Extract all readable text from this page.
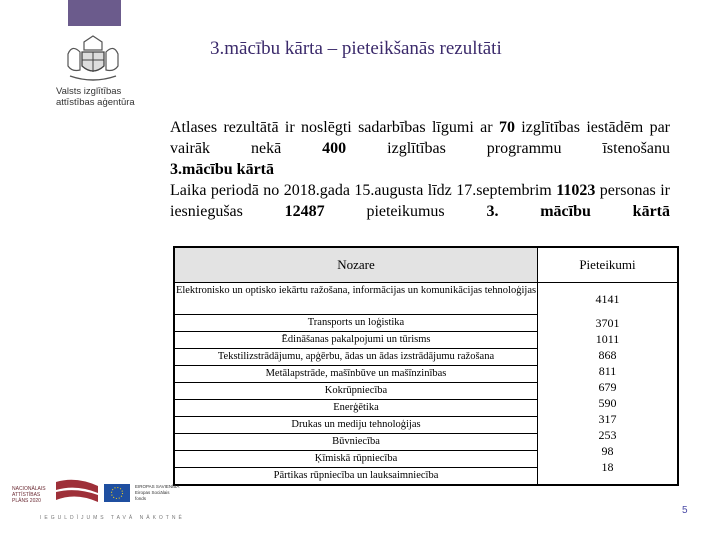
Valsts izglītības
attīstības aģentūra
3.mācību kārta – pieteikšanās rezultāti

Atlases rezultātā ir noslēgti sadarbības līgumi ar 70 izglītības iestādēm par vairāk nekā 400 izglītības programmu īstenošanu

3.mācību kārtā

Laika periodā no 2018.gada 15.augusta līdz 17.septembrim 11023 personas ir iesniegušas 12487 pieteikumus 3. mācību kārtā

Nozare	Pieteikumi
Elektronisko un optisko iekārtu ražošana, informācijas un komunikācijas tehnoloģijas
Transports un loģistika
Ēdināšanas pakalpojumi un tūrisms
Tekstilizstrādājumu, apģērbu, ādas un ādas izstrādājumu ražošana
Metālapstrāde, mašīnbūve un mašīnzinības
Kokrūpniecība
Enerģētika
Drukas un mediju tehnoloģijas
Būvniecība
Ķīmiskā rūpniecība
Pārtikas rūpniecība un lauksaimniecība
4141
3701
1011
868
811
679
590
317
253
98
18
NACIONĀLAIS
ATTĪSTĪBAS
PLĀNS 2020
EIROPAS SAVIENĪBA
Eiropas Sociālais
fonds
IEGULDĪJUMS TAVĀ NĀKOTNĒ
5
